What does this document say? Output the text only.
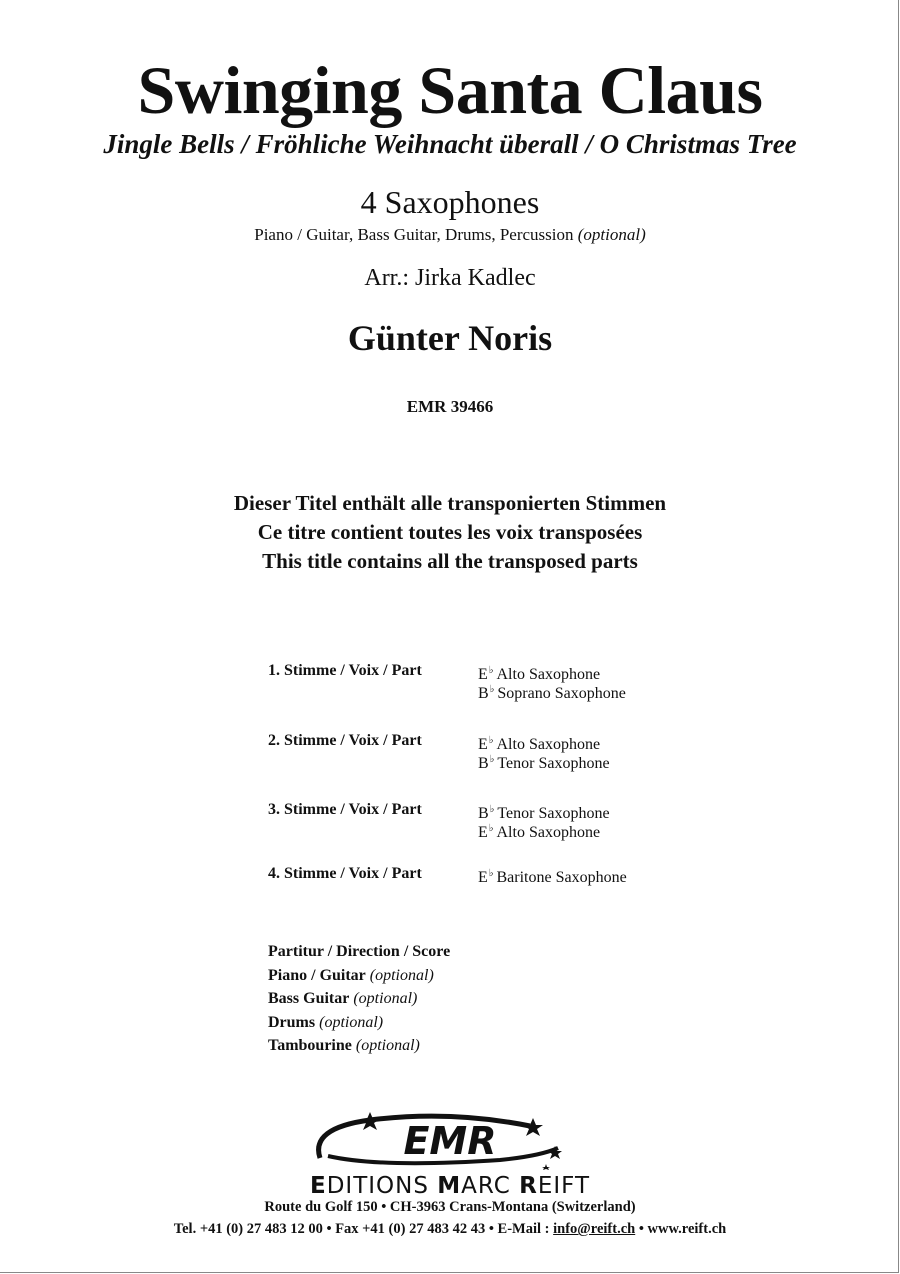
Swinging Santa Claus
Jingle Bells / Fröhliche Weihnacht überall / O Christmas Tree
4 Saxophones
Piano / Guitar, Bass Guitar, Drums, Percussion (optional)
Arr.: Jirka Kadlec
Günter Noris
EMR 39466
Dieser Titel enthält alle transponierten Stimmen
Ce titre contient toutes les voix transposées
This title contains all the transposed parts
1. Stimme / Voix / Part	E♭ Alto Saxophone
B♭ Soprano Saxophone
2. Stimme / Voix / Part	E♭ Alto Saxophone
B♭ Tenor Saxophone
3. Stimme / Voix / Part	B♭ Tenor Saxophone
E♭ Alto Saxophone
4. Stimme / Voix / Part	E♭ Baritone Saxophone
Partitur / Direction / Score
Piano / Guitar (optional)
Bass Guitar (optional)
Drums (optional)
Tambourine (optional)
EMR
EDITIONS MARC REIFT
Route du Golf 150 • CH-3963 Crans-Montana (Switzerland)
Tel. +41 (0) 27 483 12 00 • Fax +41 (0) 27 483 42 43 • E-Mail : info@reift.ch • www.reift.ch
